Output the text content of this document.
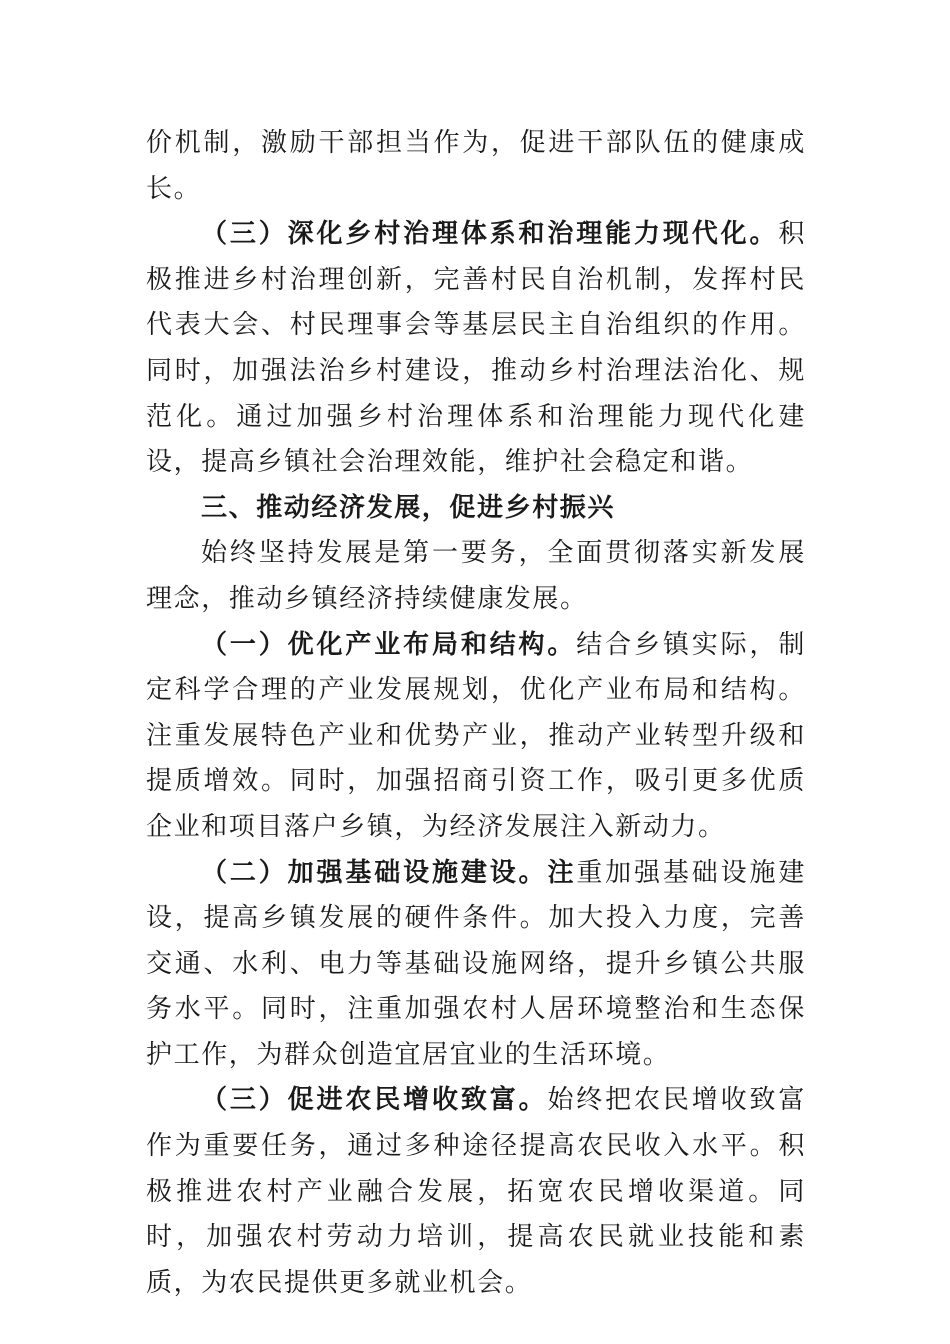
价机制，激励干部担当作为，促进干部队伍的健康成长。

（三）深化乡村治理体系和治理能力现代化。积极推进乡村治理创新，完善村民自治机制，发挥村民代表大会、村民理事会等基层民主自治组织的作用。同时，加强法治乡村建设，推动乡村治理法治化、规范化。通过加强乡村治理体系和治理能力现代化建设，提高乡镇社会治理效能，维护社会稳定和谐。

三、推动经济发展，促进乡村振兴

始终坚持发展是第一要务，全面贯彻落实新发展理念，推动乡镇经济持续健康发展。

（一）优化产业布局和结构。结合乡镇实际，制定科学合理的产业发展规划，优化产业布局和结构。注重发展特色产业和优势产业，推动产业转型升级和提质增效。同时，加强招商引资工作，吸引更多优质企业和项目落户乡镇，为经济发展注入新动力。

（二）加强基础设施建设。注重加强基础设施建设，提高乡镇发展的硬件条件。加大投入力度，完善交通、水利、电力等基础设施网络，提升乡镇公共服务水平。同时，注重加强农村人居环境整治和生态保护工作，为群众创造宜居宜业的生活环境。

（三）促进农民增收致富。始终把农民增收致富作为重要任务，通过多种途径提高农民收入水平。积极推进农村产业融合发展，拓宽农民增收渠道。同时，加强农村劳动力培训，提高农民就业技能和素质，为农民提供更多就业机会。
